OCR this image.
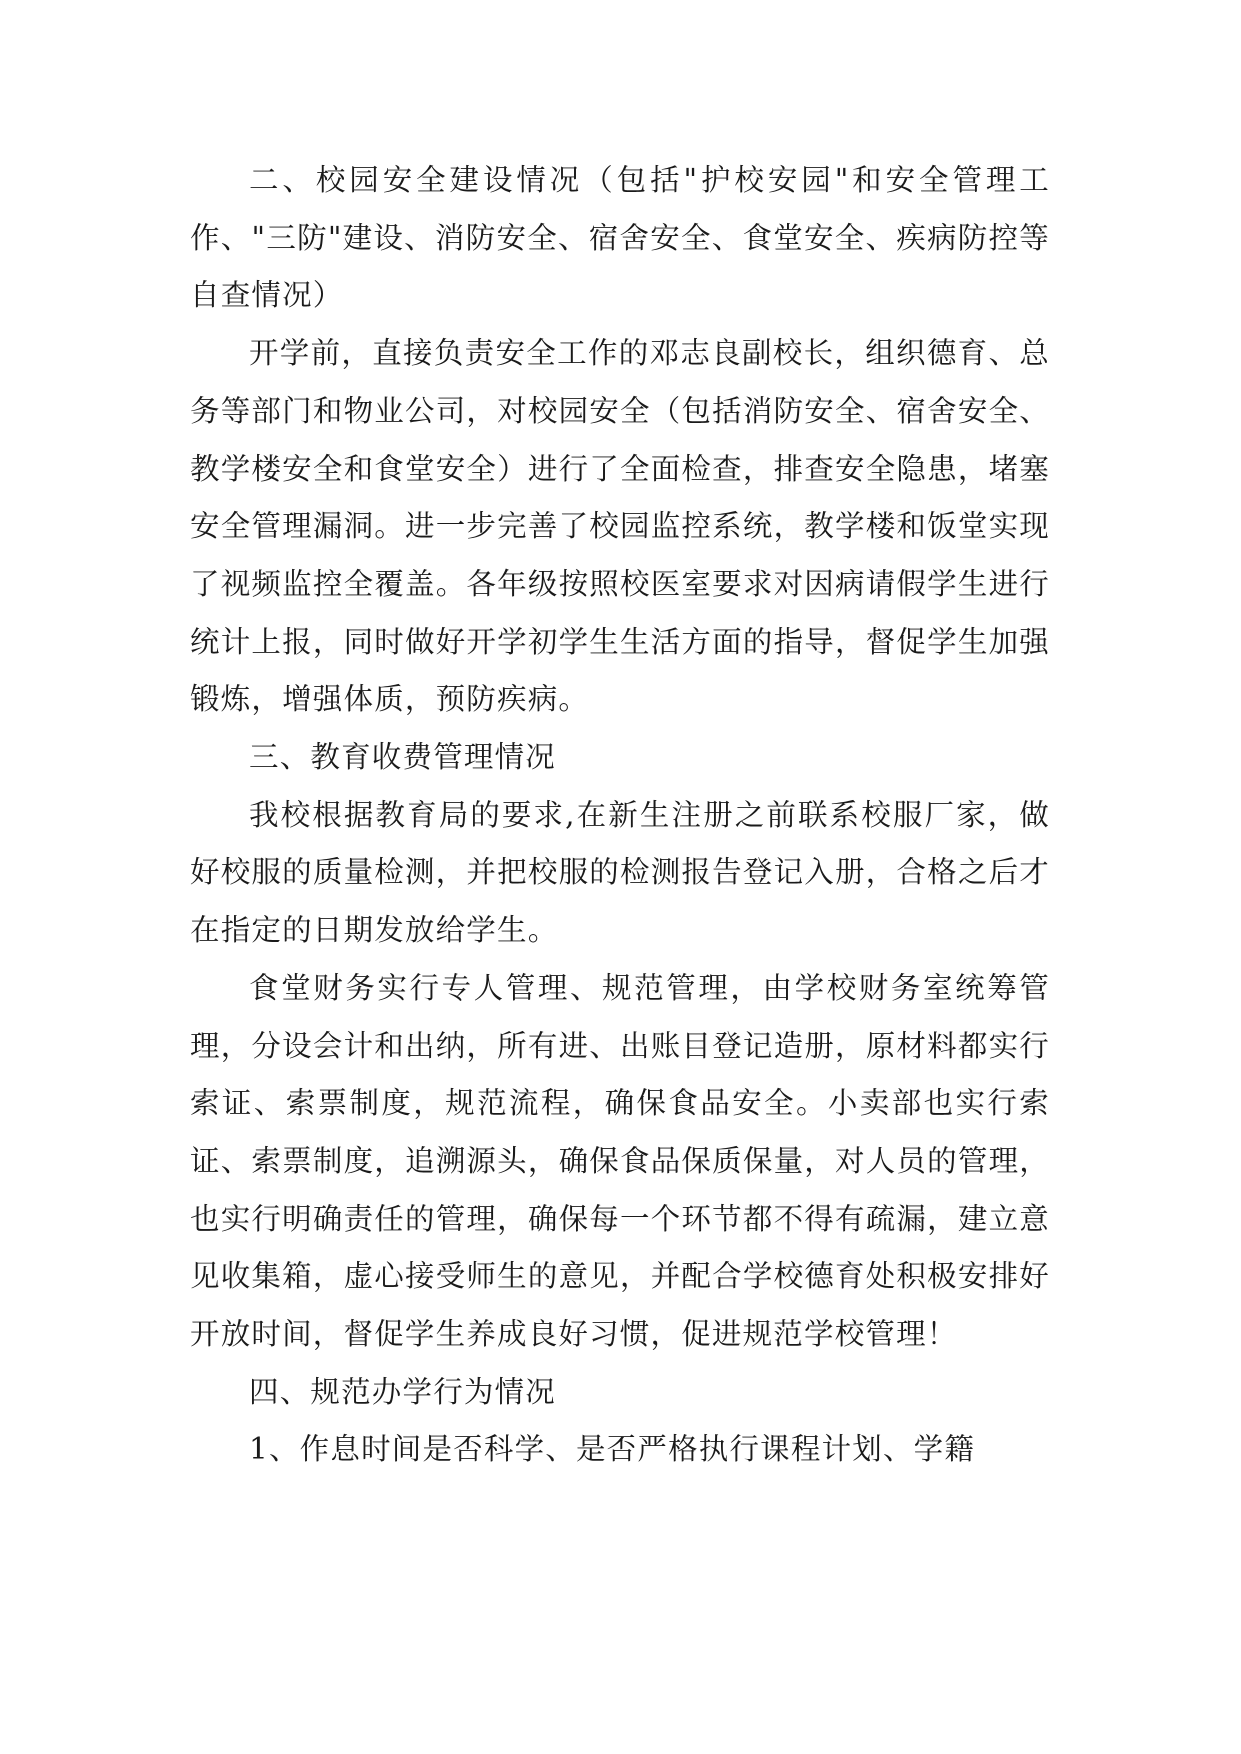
二、校园安全建设情况（包括"护校安园"和安全管理工作、"三防"建设、消防安全、宿舍安全、食堂安全、疾病防控等自查情况）

开学前，直接负责安全工作的邓志良副校长，组织德育、总务等部门和物业公司，对校园安全（包括消防安全、宿舍安全、教学楼安全和食堂安全）进行了全面检查，排查安全隐患，堵塞安全管理漏洞。进一步完善了校园监控系统，教学楼和饭堂实现了视频监控全覆盖。各年级按照校医室要求对因病请假学生进行统计上报，同时做好开学初学生生活方面的指导，督促学生加强锻炼，增强体质，预防疾病。

三、教育收费管理情况

我校根据教育局的要求,在新生注册之前联系校服厂家，做好校服的质量检测，并把校服的检测报告登记入册，合格之后才在指定的日期发放给学生。

食堂财务实行专人管理、规范管理，由学校财务室统筹管理，分设会计和出纳，所有进、出账目登记造册，原材料都实行索证、索票制度，规范流程，确保食品安全。小卖部也实行索证、索票制度，追溯源头，确保食品保质保量，对人员的管理，也实行明确责任的管理，确保每一个环节都不得有疏漏，建立意见收集箱，虚心接受师生的意见，并配合学校德育处积极安排好开放时间，督促学生养成良好习惯，促进规范学校管理！

四、规范办学行为情况

1、作息时间是否科学、是否严格执行课程计划、学籍
